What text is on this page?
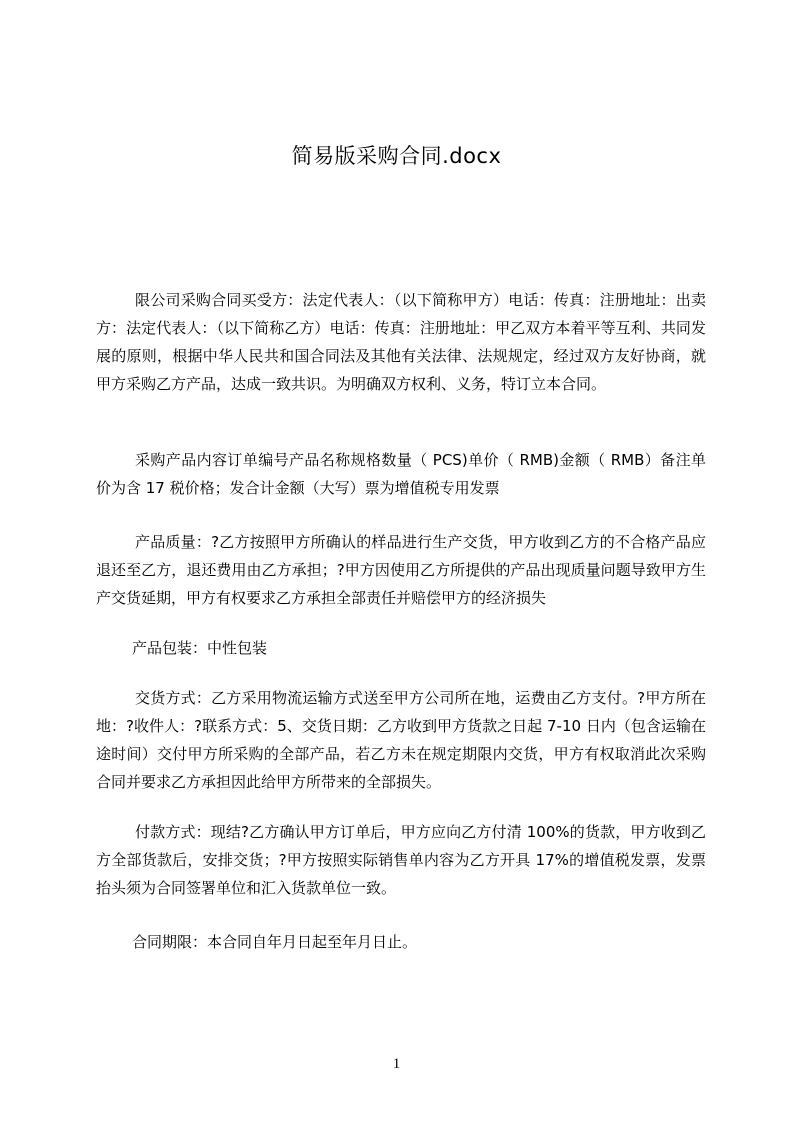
简易版采购合同.docx

限公司采购合同买受方：法定代表人：（以下简称甲方）电话：传真：注册地址：出卖方：法定代表人：（以下简称乙方）电话：传真：注册地址：甲乙双方本着平等互利、共同发展的原则，根据中华人民共和国合同法及其他有关法律、法规规定，经过双方友好协商，就甲方采购乙方产品，达成一致共识。为明确双方权利、义务，特订立本合同。

采购产品内容订单编号产品名称规格数量（ PCS)单价（ RMB)金额（ RMB）备注单价为含 17 税价格；发合计金额（大写）票为增值税专用发票

产品质量：?乙方按照甲方所确认的样品进行生产交货，甲方收到乙方的不合格产品应退还至乙方，退还费用由乙方承担；?甲方因使用乙方所提供的产品出现质量问题导致甲方生产交货延期，甲方有权要求乙方承担全部责任并赔偿甲方的经济损失

产品包装：中性包装

交货方式：乙方采用物流运输方式送至甲方公司所在地，运费由乙方支付。?甲方所在地：?收件人：?联系方式：5、交货日期：乙方收到甲方货款之日起 7-10 日内（包含运输在途时间）交付甲方所采购的全部产品，若乙方未在规定期限内交货，甲方有权取消此次采购合同并要求乙方承担因此给甲方所带来的全部损失。

付款方式：现结?乙方确认甲方订单后，甲方应向乙方付清 100%的货款，甲方收到乙方全部货款后，安排交货；?甲方按照实际销售单内容为乙方开具 17%的增值税发票，发票抬头须为合同签署单位和汇入货款单位一致。

合同期限：本合同自年月日起至年月日止。

1
